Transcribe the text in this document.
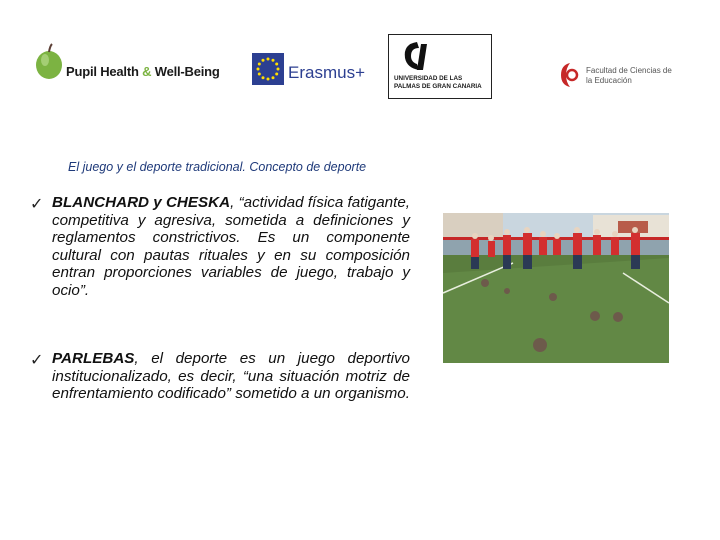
Pupil Health & Well-Being	Erasmus+	UNIVERSIDAD DE LAS PALMAS DE GRAN CANARIA
Facultad de Ciencias de la Educación
El juego y el deporte tradicional. Concepto de deporte
✓ BLANCHARD y CHESKA, “actividad física fatigante, competitiva y agresiva, sometida a definiciones y reglamentos constrictivos. Es un componente cultural con pautas rituales y en su composición entran proporciones variables de juego, trabajo y ocio”.
✓ PARLEBAS, el deporte es un juego deportivo institucionalizado, es decir, “una situación motriz de enfrentamiento codificado” sometido a un organismo.
